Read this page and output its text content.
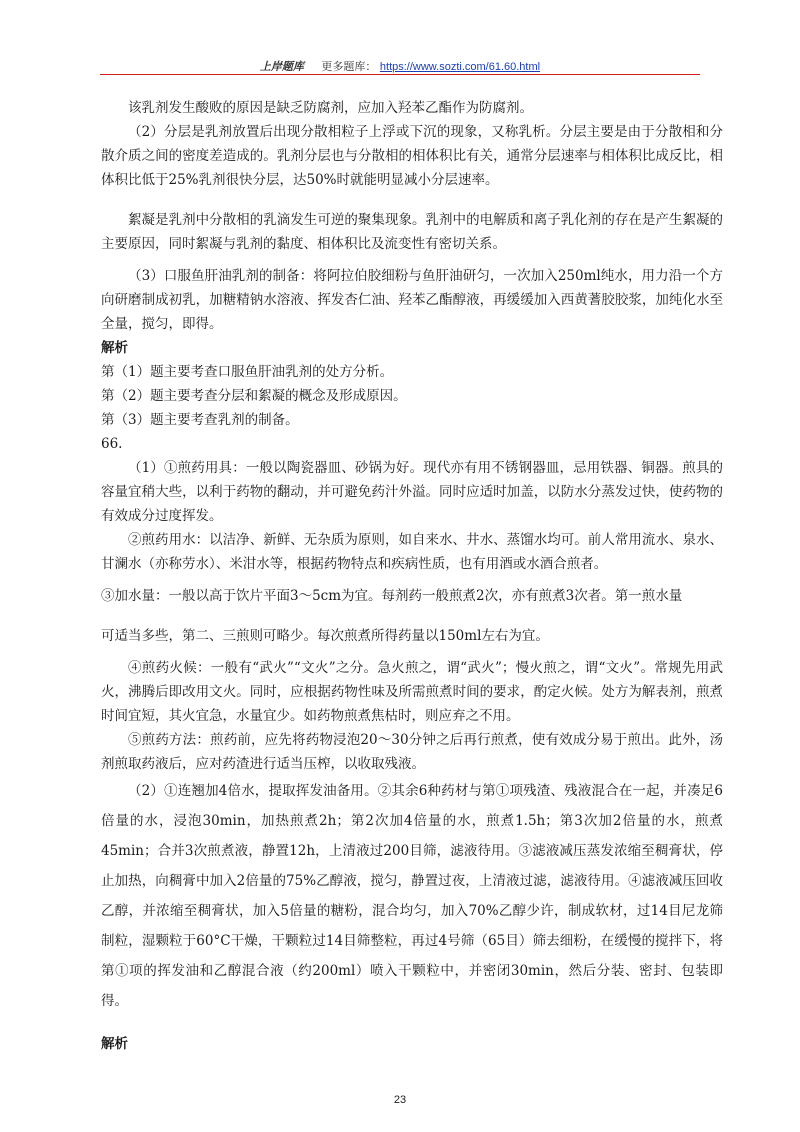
上岸题库 更多题库： https://www.sozti.com/61.60.html

该乳剂发生酸败的原因是缺乏防腐剂，应加入羟苯乙酯作为防腐剂。

（2）分层是乳剂放置后出现分散相粒子上浮或下沉的现象，又称乳析。分层主要是由于分散相和分散介质之间的密度差造成的。乳剂分层也与分散相的相体积比有关，通常分层速率与相体积比成反比，相体积比低于25%乳剂很快分层，达50%时就能明显减小分层速率。

絮凝是乳剂中分散相的乳滴发生可逆的聚集现象。乳剂中的电解质和离子乳化剂的存在是产生絮凝的主要原因，同时絮凝与乳剂的黏度、相体积比及流变性有密切关系。

（3）口服鱼肝油乳剂的制备：将阿拉伯胶细粉与鱼肝油研匀，一次加入250ml纯水，用力沿一个方向研磨制成初乳，加糖精钠水溶液、挥发杏仁油、羟苯乙酯醇液，再缓缓加入西黄蓍胶胶浆，加纯化水至全量，搅匀，即得。

解析

第（1）题主要考查口服鱼肝油乳剂的处方分析。

第（2）题主要考查分层和絮凝的概念及形成原因。

第（3）题主要考查乳剂的制备。

66.

（1）①煎药用具：一般以陶瓷器皿、砂锅为好。现代亦有用不锈钢器皿，忌用铁器、铜器。煎具的容量宜稍大些，以利于药物的翻动，并可避免药汁外溢。同时应适时加盖，以防水分蒸发过快，使药物的有效成分过度挥发。

②煎药用水：以洁净、新鲜、无杂质为原则，如自来水、井水、蒸馏水均可。前人常用流水、泉水、甘澜水（亦称劳水）、米泔水等，根据药物特点和疾病性质，也有用酒或水酒合煎者。

③加水量：一般以高于饮片平面3～5cm为宜。每剂药一般煎煮2次，亦有煎煮3次者。第一煎水量

可适当多些，第二、三煎则可略少。每次煎煮所得药量以150ml左右为宜。

④煎药火候：一般有“武火”“文火”之分。急火煎之，谓“武火”；慢火煎之，谓“文火”。常规先用武火，沸腾后即改用文火。同时，应根据药物性味及所需煎煮时间的要求，酌定火候。处方为解表剂，煎煮时间宜短，其火宜急，水量宜少。如药物煎煮焦枯时，则应弃之不用。

⑤煎药方法：煎药前，应先将药物浸泡20～30分钟之后再行煎煮，使有效成分易于煎出。此外，汤剂煎取药液后，应对药渣进行适当压榨，以收取残液。

（2）①连翘加4倍水，提取挥发油备用。②其余6种药材与第①项残渣、残液混合在一起，并凑足6倍量的水，浸泡30min，加热煎煮2h；第2次加4倍量的水，煎煮1.5h；第3次加2倍量的水，煎煮45min；合并3次煎煮液，静置12h，上清液过200目筛，滤液待用。③滤液减压蒸发浓缩至稠膏状，停止加热，向稠膏中加入2倍量的75%乙醇液，搅匀，静置过夜，上清液过滤，滤液待用。④滤液减压回收乙醇，并浓缩至稠膏状，加入5倍量的糖粉，混合均匀，加入70%乙醇少许，制成软材，过14目尼龙筛制粒，湿颗粒于60°C干燥，干颗粒过14目筛整粒，再过4号筛（65目）筛去细粉，在缓慢的搅拌下，将第①项的挥发油和乙醇混合液（约200ml）喷入干颗粒中，并密闭30min，然后分装、密封、包装即得。

解析

23
